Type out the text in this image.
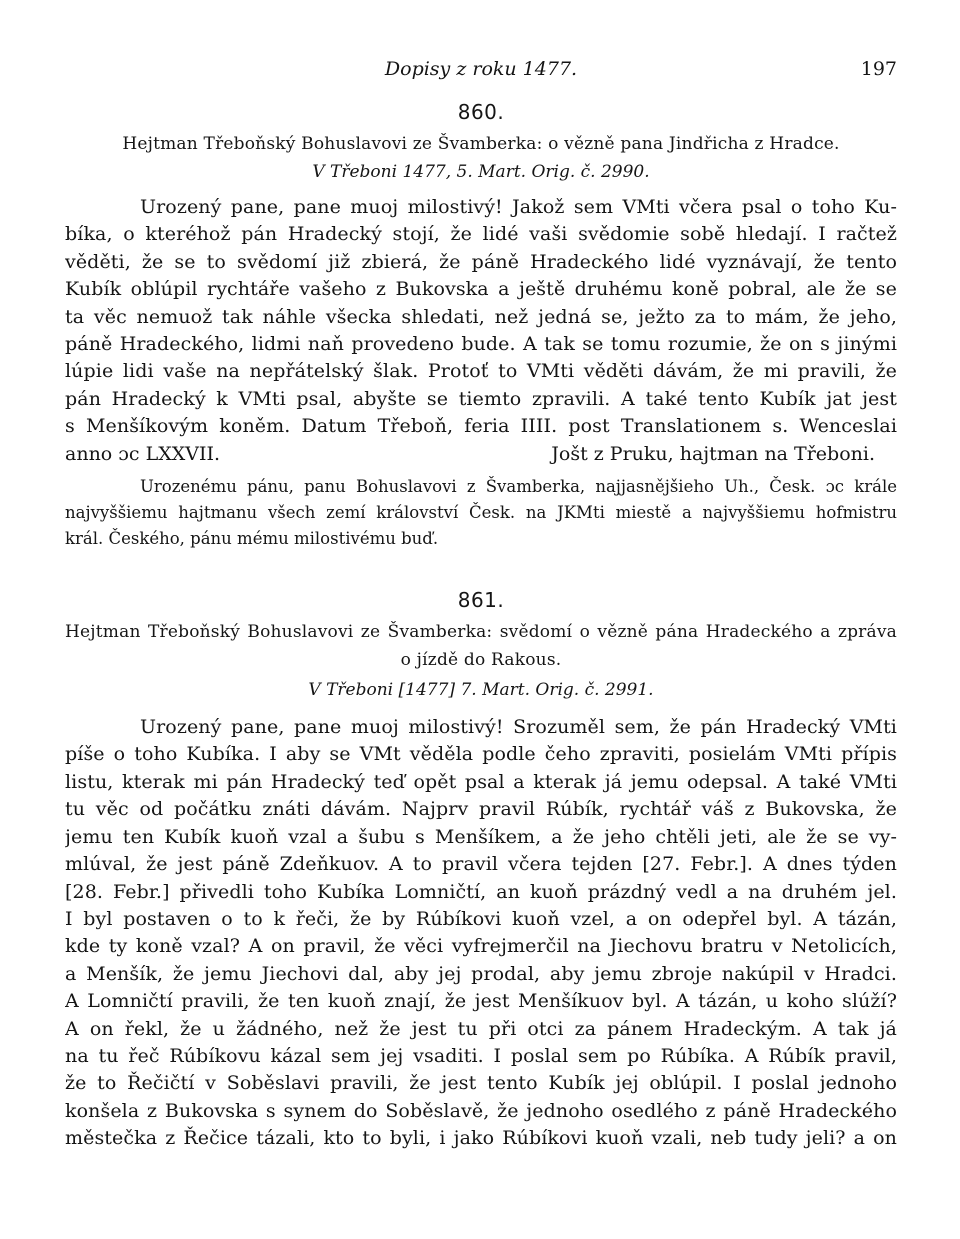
Dopisy z roku 1477.	197
860.
Hejtman Třeboňský Bohuslavovi ze Švamberka: o vězně pana Jindřicha z Hradce.
V Třeboni 1477, 5. Mart. Orig. č. 2990.
Urozený pane, pane muoj milostivý! Jakož sem VMti včera psal o toho Ku-
bíka, o kteréhož pán Hradecký stojí, že lidé vaši svědomie sobě hledají. I račtež
věděti, že se to svědomí již zbierá, že páně Hradeckého lidé vyznávají, že tento
Kubík oblúpil rychtáře vašeho z Bukovska a ještě druhému koně pobral, ale že se
ta věc nemuož tak náhle všecka shledati, než jedná se, ježto za to mám, že jeho,
páně Hradeckého, lidmi naň provedeno bude. A tak se tomu rozumie, že on s jinými
lúpie lidi vaše na nepřátelský šlak. Protoť to VMti věděti dávám, že mi pravili, že
pán Hradecký k VMti psal, abyšte se tiemto zpravili. A také tento Kubík jat jest
s Menšíkovým koněm. Datum Třeboň, feria IIII. post Translationem s. Wenceslai
anno ɔc LXXVII.	Jošt z Pruku, hajtman na Třeboni.
Urozenému pánu, panu Bohuslavovi z Švamberka, najjasnějšieho Uh., Česk. ɔc krále
najvyššiemu hajtmanu všech zemí království Česk. na JKMti miestě a najvyššiemu hofmistru
král. Českého, pánu mému milostivému buď.
861.
Hejtman Třeboňský Bohuslavovi ze Švamberka: svědomí o vězně pána Hradeckého a zpráva
o jízdě do Rakous.
V Třeboni [1477] 7. Mart. Orig. č. 2991.
Urozený pane, pane muoj milostivý! Srozuměl sem, že pán Hradecký VMti
píše o toho Kubíka. I aby se VMt věděla podle čeho zpraviti, posielám VMti přípis
listu, kterak mi pán Hradecký teď opět psal a kterak já jemu odepsal. A také VMti
tu věc od počátku znáti dávám. Najprv pravil Rúbík, rychtář váš z Bukovska, že
jemu ten Kubík kuoň vzal a šubu s Menšíkem, a že jeho chtěli jeti, ale že se vy-
mlúval, že jest páně Zdeňkuov. A to pravil včera tejden [27. Febr.]. A dnes týden
[28. Febr.] přivedli toho Kubíka Lomničtí, an kuoň prázdný vedl a na druhém jel.
I byl postaven o to k řeči, že by Rúbíkovi kuoň vzel, a on odepřel byl. A tázán,
kde ty koně vzal? A on pravil, že věci vyfrejmerčil na Jiechovu bratru v Netolicích,
a Menšík, že jemu Jiechovi dal, aby jej prodal, aby jemu zbroje nakúpil v Hradci.
A Lomničtí pravili, že ten kuoň znají, že jest Menšíkuov byl. A tázán, u koho slúží?
A on řekl, že u žádného, než že jest tu při otci za pánem Hradeckým. A tak já
na tu řeč Rúbíkovu kázal sem jej vsaditi. I poslal sem po Rúbíka. A Rúbík pravil,
že to Řečičtí v Soběslavi pravili, že jest tento Kubík jej oblúpil. I poslal jednoho
konšela z Bukovska s synem do Soběslavě, že jednoho osedlého z páně Hradeckého
městečka z Řečice tázali, kto to byli, i jako Rúbíkovi kuoň vzali, neb tudy jeli? a on
